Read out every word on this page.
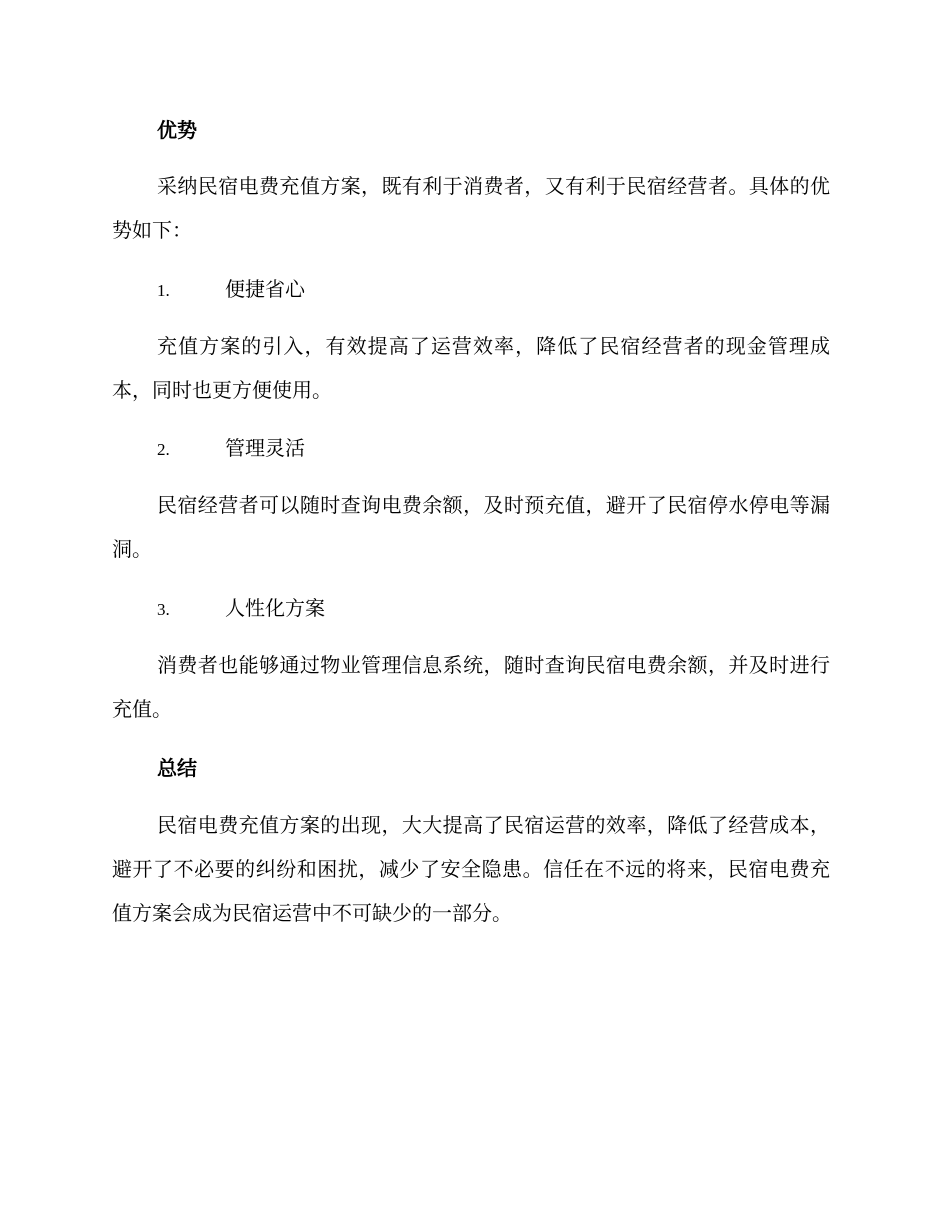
优势
采纳民宿电费充值方案，既有利于消费者，又有利于民宿经营者。具体的优势如下：
1.	便捷省心
充值方案的引入，有效提高了运营效率，降低了民宿经营者的现金管理成本，同时也更方便使用。
2.	管理灵活
民宿经营者可以随时查询电费余额，及时预充值，避开了民宿停水停电等漏洞。
3.	人性化方案
消费者也能够通过物业管理信息系统，随时查询民宿电费余额，并及时进行充值。
总结
民宿电费充值方案的出现，大大提高了民宿运营的效率，降低了经营成本，避开了不必要的纠纷和困扰，减少了安全隐患。信任在不远的将来，民宿电费充值方案会成为民宿运营中不可缺少的一部分。
